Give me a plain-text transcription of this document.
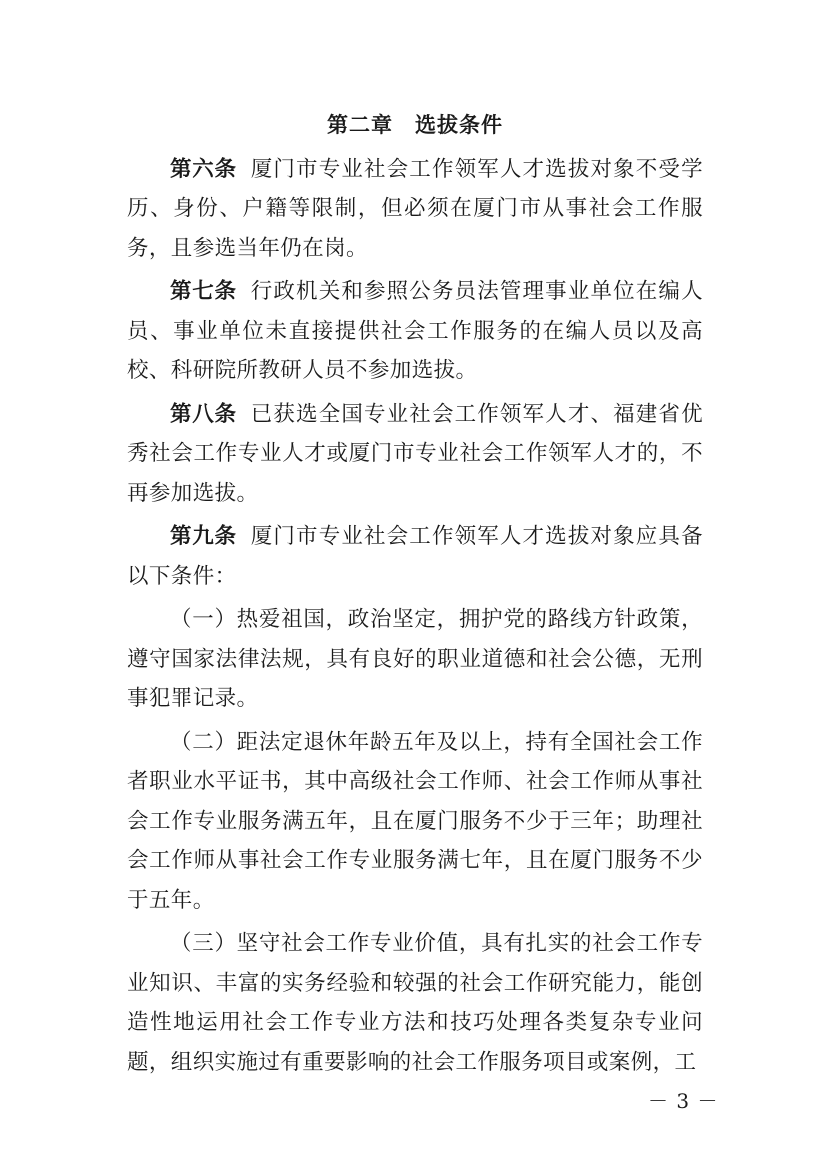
第二章　选拔条件

第六条 厦门市专业社会工作领军人才选拔对象不受学历、身份、户籍等限制，但必须在厦门市从事社会工作服务，且参选当年仍在岗。

第七条 行政机关和参照公务员法管理事业单位在编人员、事业单位未直接提供社会工作服务的在编人员以及高校、科研院所教研人员不参加选拔。

第八条 已获选全国专业社会工作领军人才、福建省优秀社会工作专业人才或厦门市专业社会工作领军人才的，不再参加选拔。

第九条 厦门市专业社会工作领军人才选拔对象应具备以下条件：

（一）热爱祖国，政治坚定，拥护党的路线方针政策，遵守国家法律法规，具有良好的职业道德和社会公德，无刑事犯罪记录。

（二）距法定退休年龄五年及以上，持有全国社会工作者职业水平证书，其中高级社会工作师、社会工作师从事社会工作专业服务满五年，且在厦门服务不少于三年；助理社会工作师从事社会工作专业服务满七年，且在厦门服务不少于五年。

（三）坚守社会工作专业价值，具有扎实的社会工作专业知识、丰富的实务经验和较强的社会工作研究能力，能创造性地运用社会工作专业方法和技巧处理各类复杂专业问题，组织实施过有重要影响的社会工作服务项目或案例，工

－ 3 －
